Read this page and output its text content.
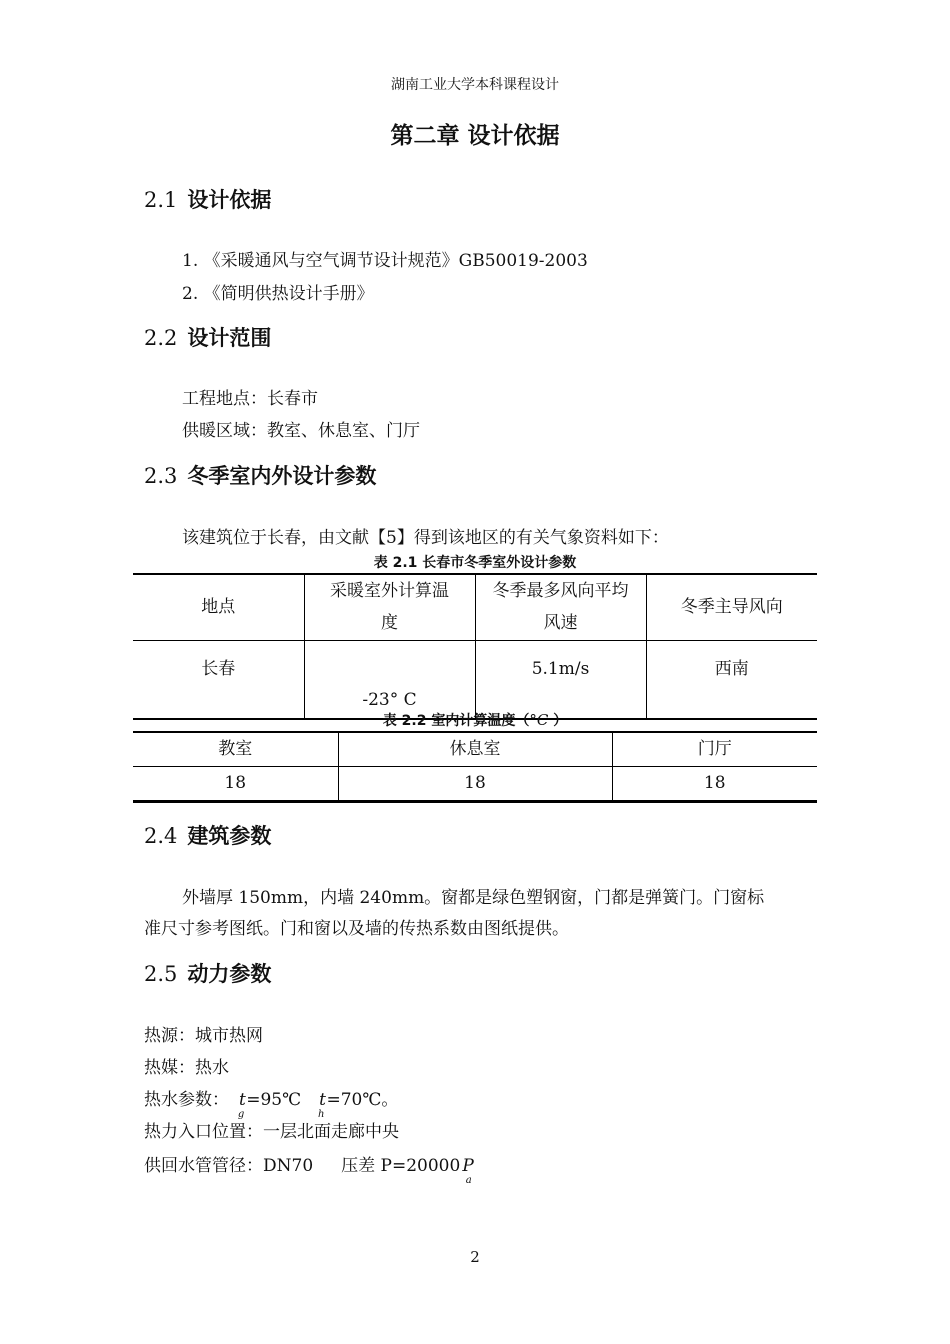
湖南工业大学本科课程设计
第二章 设计依据
2.1 设计依据
1. 《采暖通风与空气调节设计规范》GB50019-2003
2. 《简明供热设计手册》
2.2 设计范围
工程地点：长春市
供暖区域：教室、休息室、门厅
2.3 冬季室内外设计参数
该建筑位于长春，由文献【5】得到该地区的有关气象资料如下：
表 2.1 长春市冬季室外设计参数
地点	采暖室外计算温度	冬季最多风向平均风速	冬季主导风向
长春	-23° C	5.1m/s	西南
表 2.2 室内计算温度（°C ）
教室	休息室	门厅
18	18	18
2.4 建筑参数
外墙厚 150mm，内墙 240mm。窗都是绿色塑钢窗，门都是弹簧门。门窗标
准尺寸参考图纸。门和窗以及墙的传热系数由图纸提供。
2.5 动力参数
热源：城市热网
热媒：热水
热水参数： $t_g=95℃$ $t_h=70℃$。
热力入口位置：一层北面走廊中央
供回水管管径：DN70 压差 P=20000 $P_a$
2
